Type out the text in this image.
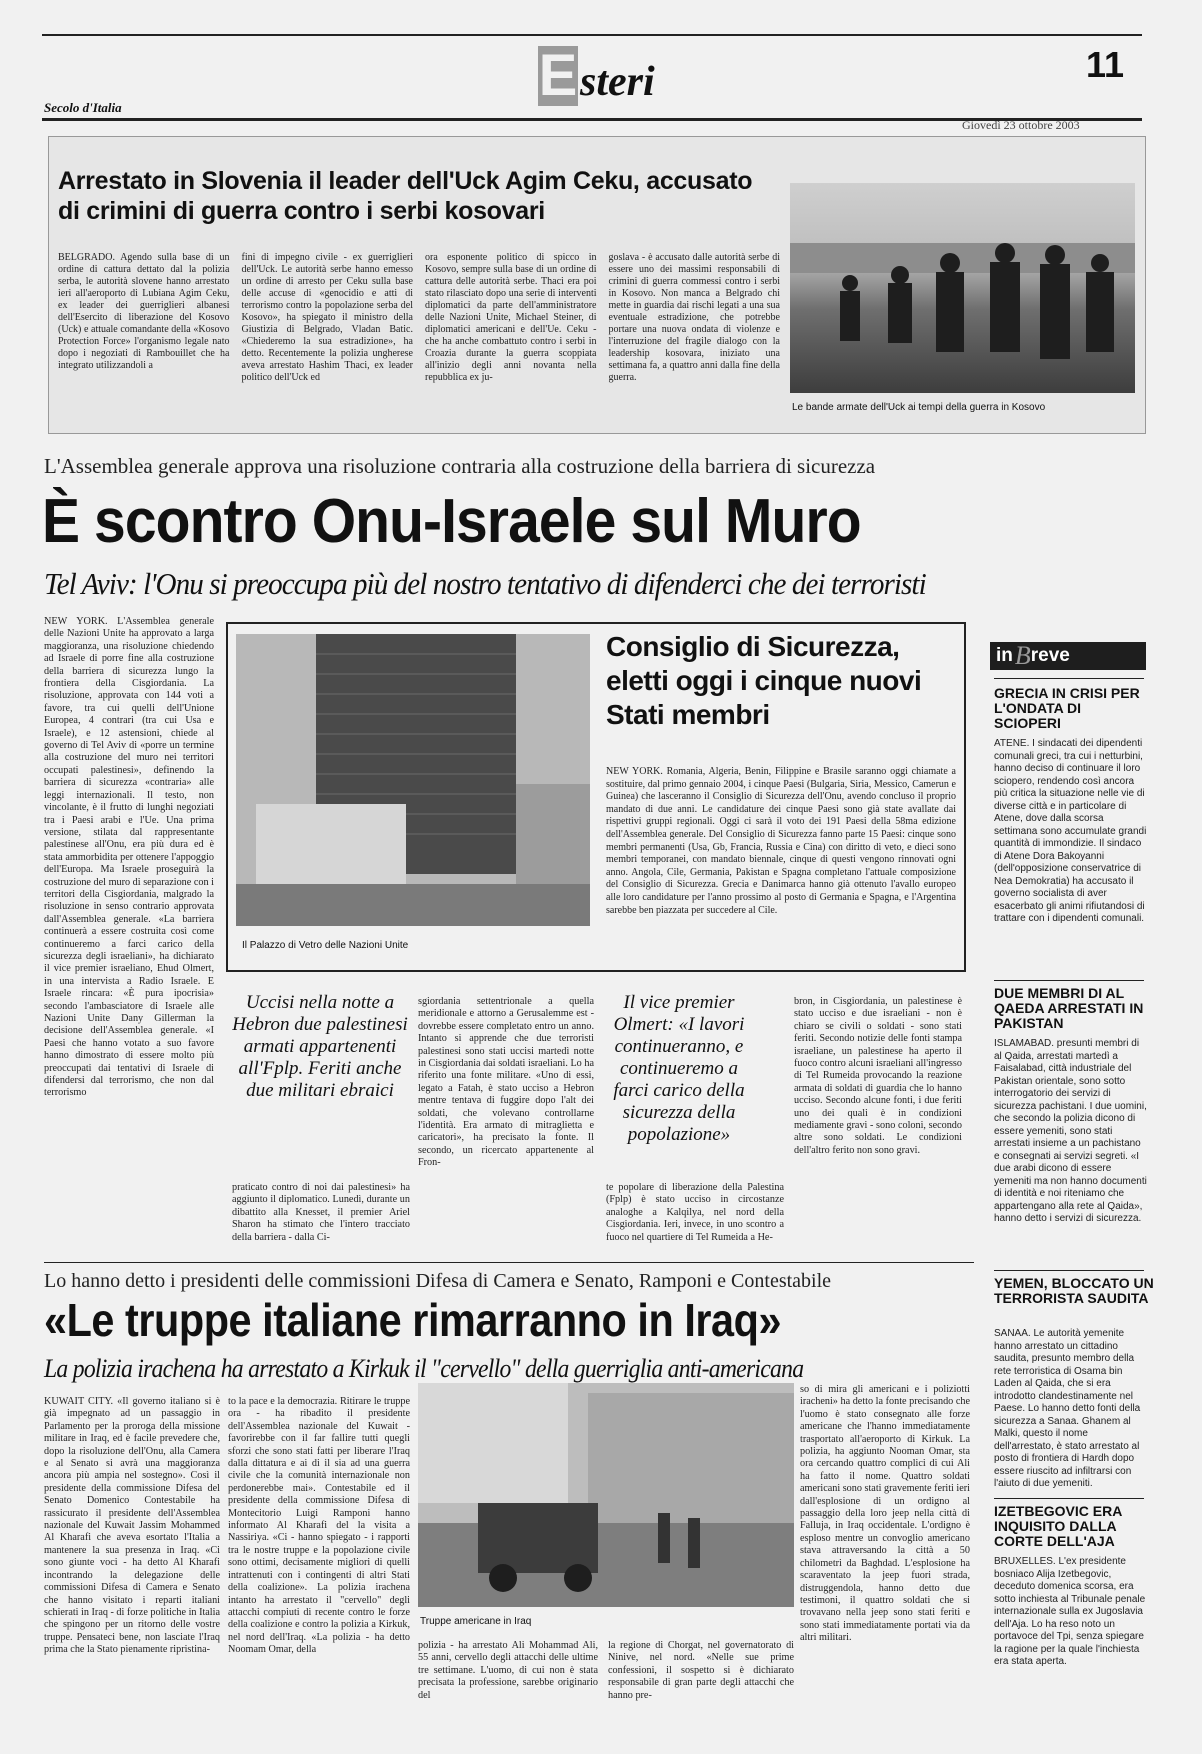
Secolo d'Italia	E steri	11
Giovedì 23 ottobre 2003
Arrestato in Slovenia il leader dell'Uck Agim Ceku, accusato di crimini di guerra contro i serbi kosovari
BELGRADO. Agendo sulla base di un ordine di cattura dettato dal la polizia serba, le autorità slovene hanno arrestato ieri all'aeroporto di Lubiana Agim Ceku, ex leader dei guerriglieri albanesi dell'Esercito di liberazione del Kosovo (Uck) e attuale comandante della «Kosovo Protection Force» l'organismo legale nato dopo i negoziati di Rambouillet che ha integrato utilizzandoli a
fini di impegno civile - ex guerriglieri dell'Uck. Le autorità serbe hanno emesso un ordine di arresto per Ceku sulla base delle accuse di «genocidio e atti di terrorismo contro la popolazione serba del Kosovo», ha spiegato il ministro della Giustizia di Belgrado, Vladan Batic. «Chiederemo la sua estradizione», ha detto. Recentemente la polizia ungherese aveva arrestato Hashim Thaci, ex leader politico dell'Uck ed
ora esponente politico di spicco in Kosovo, sempre sulla base di un ordine di cattura delle autorità serbe. Thaci era poi stato rilasciato dopo una serie di interventi diplomatici da parte dell'amministratore delle Nazioni Unite, Michael Steiner, di diplomatici americani e dell'Ue. Ceku - che ha anche combattuto contro i serbi in Croazia durante la guerra scoppiata all'inizio degli anni novanta nella repubblica ex ju-
goslava - è accusato dalle autorità serbe di essere uno dei massimi responsabili di crimini di guerra commessi contro i serbi in Kosovo. Non manca a Belgrado chi mette in guardia dai rischi legati a una sua eventuale estradizione, che potrebbe portare una nuova ondata di violenze e l'interruzione del fragile dialogo con la leadership kosovara, iniziato una settimana fa, a quattro anni dalla fine della guerra.
Le bande armate dell'Uck ai tempi della guerra in Kosovo
L'Assemblea generale approva una risoluzione contraria alla costruzione della barriera di sicurezza
È scontro Onu-Israele sul Muro
Tel Aviv: l'Onu si preoccupa più del nostro tentativo di difenderci che dei terroristi
NEW YORK. L'Assemblea generale delle Nazioni Unite ha approvato a larga maggioranza, una risoluzione chiedendo ad Israele di porre fine alla costruzione della barriera di sicurezza lungo la frontiera della Cisgiordania. La risoluzione, approvata con 144 voti a favore, tra cui quelli dell'Unione Europea, 4 contrari (tra cui Usa e Israele), e 12 astensioni, chiede al governo di Tel Aviv di «porre un termine alla costruzione del muro nei territori occupati palestinesi», definendo la barriera di sicurezza «contraria» alle leggi internazionali. Il testo, non vincolante, è il frutto di lunghi negoziati tra i Paesi arabi e l'Ue. Una prima versione, stilata dal rappresentante palestinese all'Onu, era più dura ed è stata ammorbidita per ottenere l'appoggio dell'Europa. Ma Israele proseguirà la costruzione del muro di separazione con i territori della Cisgiordania, malgrado la risoluzione in senso contrario approvata dall'Assemblea generale. «La barriera continuerà a essere costruita così come continueremo a farci carico della sicurezza degli israeliani», ha dichiarato il vice premier israeliano, Ehud Olmert, in una intervista a Radio Israele. E Israele rincara: «È pura ipocrisia» secondo l'ambasciatore di Israele alle Nazioni Unite Dany Gillerman la decisione dell'Assemblea generale. «I Paesi che hanno votato a suo favore hanno dimostrato di essere molto più preoccupati dai tentativi di Israele di difendersi dal terrorismo, che non dal terrorismo
Il Palazzo di Vetro delle Nazioni Unite
Consiglio di Sicurezza, eletti oggi i cinque nuovi Stati membri
NEW YORK. Romania, Algeria, Benin, Filippine e Brasile saranno oggi chiamate a sostituire, dal primo gennaio 2004, i cinque Paesi (Bulgaria, Siria, Messico, Camerun e Guinea) che lasceranno il Consiglio di Sicurezza dell'Onu, avendo concluso il proprio mandato di due anni. Le candidature dei cinque Paesi sono già state avallate dai rispettivi gruppi regionali. Oggi ci sarà il voto dei 191 Paesi della 58ma edizione dell'Assemblea generale. Del Consiglio di Sicurezza fanno parte 15 Paesi: cinque sono membri permanenti (Usa, Gb, Francia, Russia e Cina) con diritto di veto, e dieci sono membri temporanei, con mandato biennale, cinque di questi vengono rinnovati ogni anno. Angola, Cile, Germania, Pakistan e Spagna completano l'attuale composizione del Consiglio di Sicurezza. Grecia e Danimarca hanno già ottenuto l'avallo europeo alle loro candidature per l'anno prossimo al posto di Germania e Spagna, e l'Argentina sarebbe ben piazzata per succedere al Cile.
Uccisi nella notte a Hebron due palestinesi armati appartenenti all'Fplp. Feriti anche due militari ebraici
praticato contro di noi dai palestinesi» ha aggiunto il diplomatico. Lunedì, durante un dibattito alla Knesset, il premier Ariel Sharon ha stimato che l'intero tracciato della barriera - dalla Ci-
sgiordania settentrionale a quella meridionale e attorno a Gerusalemme est - dovrebbe essere completato entro un anno. Intanto si apprende che due terroristi palestinesi sono stati uccisi martedì notte in Cisgiordania dai soldati israeliani. Lo ha riferito una fonte militare. «Uno di essi, legato a Fatah, è stato ucciso a Hebron mentre tentava di fuggire dopo l'alt dei soldati, che volevano controllarne l'identità. Era armato di mitraglietta e caricatori», ha precisato la fonte. Il secondo, un ricercato appartenente al Fron-
Il vice premier Olmert: «I lavori continueranno, e continueremo a farci carico della sicurezza della popolazione»
te popolare di liberazione della Palestina (Fplp) è stato ucciso in circostanze analoghe a Kalqilya, nel nord della Cisgiordania. Ieri, invece, in uno scontro a fuoco nel quartiere di Tel Rumeida a He-
bron, in Cisgiordania, un palestinese è stato ucciso e due israeliani - non è chiaro se civili o soldati - sono stati feriti. Secondo notizie delle fonti stampa israeliane, un palestinese ha aperto il fuoco contro alcuni israeliani all'ingresso di Tel Rumeida provocando la reazione armata di soldati di guardia che lo hanno ucciso. Secondo alcune fonti, i due feriti uno dei quali è in condizioni mediamente gravi - sono coloni, secondo altre sono soldati. Le condizioni dell'altro ferito non sono gravi.
in B reve
GRECIA IN CRISI PER L'ONDATA DI SCIOPERI
ATENE. I sindacati dei dipendenti comunali greci, tra cui i netturbini, hanno deciso di continuare il loro sciopero, rendendo così ancora più critica la situazione nelle vie di diverse città e in particolare di Atene, dove dalla scorsa settimana sono accumulate grandi quantità di immondizie. Il sindaco di Atene Dora Bakoyanni (dell'opposizione conservatrice di Nea Demokratia) ha accusato il governo socialista di aver esacerbato gli animi rifiutandosi di trattare con i dipendenti comunali.
DUE MEMBRI DI AL QAEDA ARRESTATI IN PAKISTAN
ISLAMABAD. presunti membri di al Qaida, arrestati martedì a Faisalabad, città industriale del Pakistan orientale, sono sotto interrogatorio dei servizi di sicurezza pachistani. I due uomini, che secondo la polizia dicono di essere yemeniti, sono stati arrestati insieme a un pachistano e consegnati ai servizi segreti. «I due arabi dicono di essere yemeniti ma non hanno documenti di identità e noi riteniamo che appartengano alla rete al Qaida», hanno detto i servizi di sicurezza.
YEMEN, BLOCCATO UN TERRORISTA SAUDITA
SANAA. Le autorità yemenite hanno arrestato un cittadino saudita, presunto membro della rete terroristica di Osama bin Laden al Qaida, che si era introdotto clandestinamente nel Paese. Lo hanno detto fonti della sicurezza a Sanaa. Ghanem al Malki, questo il nome dell'arrestato, è stato arrestato al posto di frontiera di Hardh dopo essere riuscito ad infiltrarsi con l'aiuto di due yemeniti.
IZETBEGOVIC ERA INQUISITO DALLA CORTE DELL'AJA
BRUXELLES. L'ex presidente bosniaco Alija Izetbegovic, deceduto domenica scorsa, era sotto inchiesta al Tribunale penale internazionale sulla ex Jugoslavia dell'Aja. Lo ha reso noto un portavoce del Tpi, senza spiegare la ragione per la quale l'inchiesta era stata aperta.
Lo hanno detto i presidenti delle commissioni Difesa di Camera e Senato, Ramponi e Contestabile
«Le truppe italiane rimarranno in Iraq»
La polizia irachena ha arrestato a Kirkuk il "cervello" della guerriglia anti-americana
KUWAIT CITY. «Il governo italiano si è già impegnato ad un passaggio in Parlamento per la proroga della missione militare in Iraq, ed è facile prevedere che, dopo la risoluzione dell'Onu, alla Camera e al Senato si avrà una maggioranza ancora più ampia nel sostegno». Così il presidente della commissione Difesa del Senato Domenico Contestabile ha rassicurato il presidente dell'Assemblea nazionale del Kuwait Jassim Mohammed Al Kharafi che aveva esortato l'Italia a mantenere la sua presenza in Iraq. «Ci sono giunte voci - ha detto Al Kharafi incontrando la delegazione delle commissioni Difesa di Camera e Senato che hanno visitato i reparti italiani schierati in Iraq - di forze politiche in Italia che spingono per un ritorno delle vostre truppe. Pensateci bene, non lasciate l'Iraq prima che la Stato pienamente ripristina-
to la pace e la democrazia. Ritirare le truppe ora - ha ribadito il presidente dell'Assemblea nazionale del Kuwait - favorirebbe con il far fallire tutti quegli sforzi che sono stati fatti per liberare l'Iraq dalla dittatura e ai di il sia ad una guerra civile che la comunità internazionale non perdonerebbe mai». Contestabile ed il presidente della commissione Difesa di Montecitorio Luigi Ramponi hanno informato Al Kharafi del la visita a Nassiriya. «Ci - hanno spiegato - i rapporti tra le nostre truppe e la popolazione civile sono ottimi, decisamente migliori di quelli intrattenuti con i contingenti di altri Stati della coalizione». La polizia irachena intanto ha arrestato il "cervello" degli attacchi compiuti di recente contro le forze della coalizione e contro la polizia a Kirkuk, nel nord dell'Iraq. «La polizia - ha detto Noomam Omar, della
Truppe americane in Iraq
polizia - ha arrestato Ali Mohammad Ali, 55 anni, cervello degli attacchi delle ultime tre settimane. L'uomo, di cui non è stata precisata la professione, sarebbe originario del
la regione di Chorgat, nel governatorato di Ninive, nel nord. «Nelle sue prime confessioni, il sospetto si è dichiarato responsabile di gran parte degli attacchi che hanno pre-
so di mira gli americani e i poliziotti iracheni» ha detto la fonte precisando che l'uomo è stato consegnato alle forze americane che l'hanno immediatamente trasportato all'aeroporto di Kirkuk. La polizia, ha aggiunto Nooman Omar, sta ora cercando quattro complici di cui Ali ha fatto il nome. Quattro soldati americani sono stati gravemente feriti ieri dall'esplosione di un ordigno al passaggio della loro jeep nella città di Falluja, in Iraq occidentale. L'ordigno è esploso mentre un convoglio americano stava attraversando la città a 50 chilometri da Baghdad. L'esplosione ha scaraventato la jeep fuori strada, distruggendola, hanno detto due testimoni, il quattro soldati che si trovavano nella jeep sono stati feriti e sono stati immediatamente portati via da altri militari.
